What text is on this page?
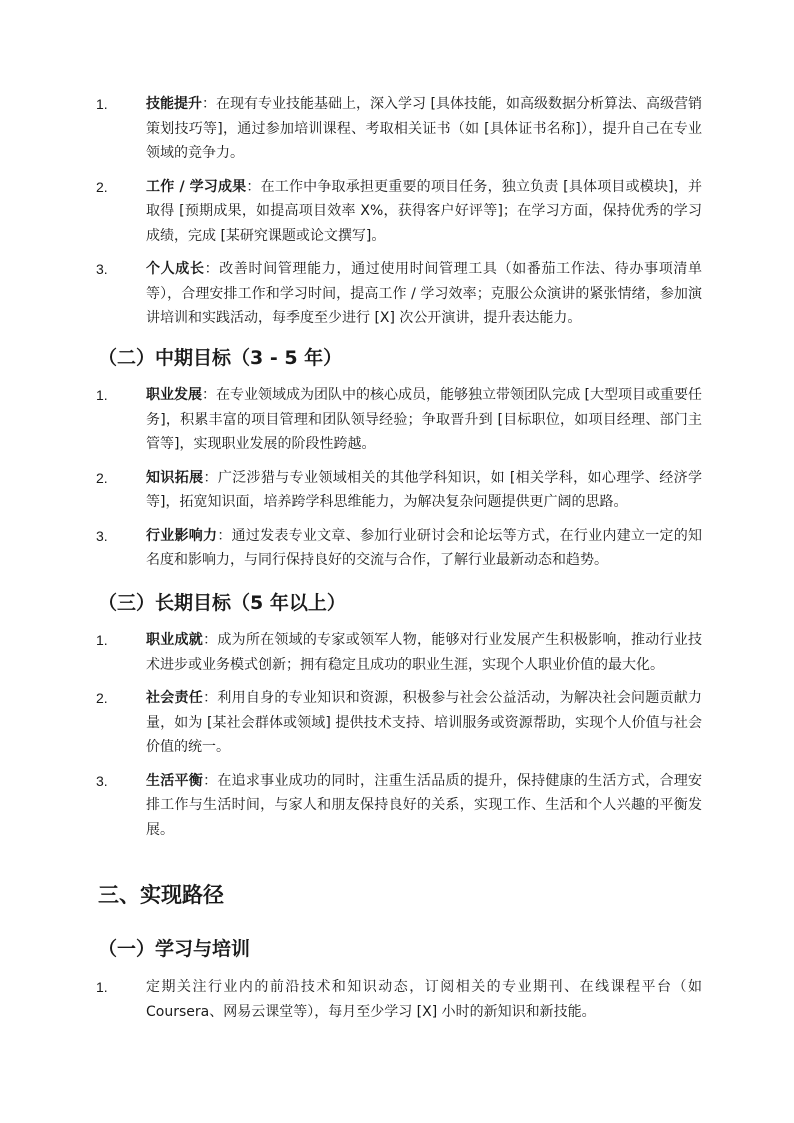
1.	技能提升：在现有专业技能基础上，深入学习 [具体技能，如高级数据分析算法、高级营销策划技巧等]，通过参加培训课程、考取相关证书（如 [具体证书名称]），提升自己在专业领域的竞争力。

2.	工作 / 学习成果：在工作中争取承担更重要的项目任务，独立负责 [具体项目或模块]，并取得 [预期成果，如提高项目效率 X%，获得客户好评等]；在学习方面，保持优秀的学习成绩，完成 [某研究课题或论文撰写]。

3.	个人成长：改善时间管理能力，通过使用时间管理工具（如番茄工作法、待办事项清单等），合理安排工作和学习时间，提高工作 / 学习效率；克服公众演讲的紧张情绪，参加演讲培训和实践活动，每季度至少进行 [X] 次公开演讲，提升表达能力。

（二）中期目标（3 - 5 年）
1.	职业发展：在专业领域成为团队中的核心成员，能够独立带领团队完成 [大型项目或重要任务]，积累丰富的项目管理和团队领导经验；争取晋升到 [目标职位，如项目经理、部门主管等]，实现职业发展的阶段性跨越。

2.	知识拓展：广泛涉猎与专业领域相关的其他学科知识，如 [相关学科，如心理学、经济学等]，拓宽知识面，培养跨学科思维能力，为解决复杂问题提供更广阔的思路。

3.	行业影响力：通过发表专业文章、参加行业研讨会和论坛等方式，在行业内建立一定的知名度和影响力，与同行保持良好的交流与合作，了解行业最新动态和趋势。

（三）长期目标（5 年以上）
1.	职业成就：成为所在领域的专家或领军人物，能够对行业发展产生积极影响，推动行业技术进步或业务模式创新；拥有稳定且成功的职业生涯，实现个人职业价值的最大化。

2.	社会责任：利用自身的专业知识和资源，积极参与社会公益活动，为解决社会问题贡献力量，如为 [某社会群体或领域] 提供技术支持、培训服务或资源帮助，实现个人价值与社会价值的统一。

3.	生活平衡：在追求事业成功的同时，注重生活品质的提升，保持健康的生活方式，合理安排工作与生活时间，与家人和朋友保持良好的关系，实现工作、生活和个人兴趣的平衡发展。

三、实现路径
（一）学习与培训
1.	定期关注行业内的前沿技术和知识动态，订阅相关的专业期刊、在线课程平台（如 Coursera、网易云课堂等），每月至少学习 [X] 小时的新知识和新技能。
